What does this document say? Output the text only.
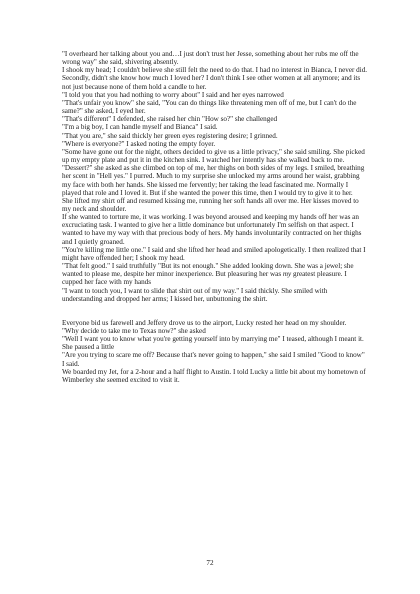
"I overheard her talking about you and…I just don't trust her Jesse, something about her rubs me off the wrong way" she said, shivering absently.

I shook my head; I couldn't believe she still felt the need to do that. I had no interest in Bianca, I never did. Secondly, didn't she know how much I loved her? I don't think I see other women at all anymore; and its not just because none of them hold a candle to her.

"I told you that you had nothing to worry about" I said and her eyes narrowed

"That's unfair you know" she said, "You can do things like threatening men off of me, but I can't do the same?" she asked, I eyed her.

"That's different" I defended, she raised her chin "How so?" she challenged

"I'm a big boy, I can handle myself and Bianca" I said.

"That you are," she said thickly her green eyes registering desire; I grinned.

"Where is everyone?" I asked noting the empty foyer.

"Some have gone out for the night, others decided to give us a little privacy," she said smiling. She picked up my empty plate and put it in the kitchen sink. I watched her intently has she walked back to me.

"Dessert?" she asked as she climbed on top of me, her thighs on both sides of my legs. I smiled, breathing her scent in "Hell yes." I purred. Much to my surprise she unlocked my arms around her waist, grabbing my face with both her hands. She kissed me fervently; her taking the lead fascinated me. Normally I played that role and I loved it. But if she wanted the power this time, then I would try to give it to her.

She lifted my shirt off and resumed kissing me, running her soft hands all over me. Her kisses moved to my neck and shoulder.

If she wanted to torture me, it was working. I was beyond aroused and keeping my hands off her was an excruciating task. I wanted to give her a little dominance but unfortunately I'm selfish on that aspect. I wanted to have my way with that precious body of hers. My hands involuntarily contracted on her thighs and I quietly groaned.

"You're killing me little one." I said and she lifted her head and smiled apologetically. I then realized that I might have offended her; I shook my head.

"That felt good." I said truthfully "But its not enough." She added looking down. She was a jewel; she wanted to please me, despite her minor inexperience. But pleasuring her was my greatest pleasure. I cupped her face with my hands

"I want to touch you, I want to slide that shirt out of my way." I said thickly. She smiled with understanding and dropped her arms; I kissed her, unbuttoning the shirt.

Everyone bid us farewell and Jeffery drove us to the airport, Lucky rested her head on my shoulder.

"Why decide to take me to Texas now?" she asked

"Well I want you to know what you're getting yourself into by marrying me" I teased, although I meant it. She paused a little

"Are you trying to scare me off? Because that's never going to happen," she said I smiled "Good to know" I said.

We boarded my Jet, for a 2-hour and a half flight to Austin. I told Lucky a little bit about my hometown of Wimberley she seemed excited to visit it.

72
